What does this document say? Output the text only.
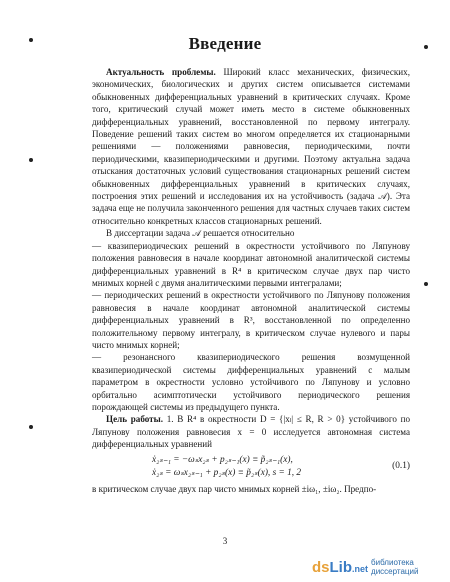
Введение

Актуальность проблемы. Широкий класс механических, физических, экономических, биологических и других систем описывается системами обыкновенных дифференциальных уравнений в критических случаях. Кроме того, критический случай может иметь место в системе обыкновенных дифференциальных уравнений, восстановленной по первому интегралу. Поведение решений таких систем во многом определяется их стационарными решениями — положениями равновесия, периодическими, почти периодическими, квазипериодическими и другими. Поэтому актуальна задача отыскания достаточных условий существования стационарных решений систем обыкновенных дифференциальных уравнений в критических случаях, построения этих решений и исследования их на устойчивость (задача 𝒜). Эта задача еще не получила законченного решения для частных случаев таких систем относительно конкретных классов стационарных решений.

В диссертации задача 𝒜 решается относительно

— квазипериодических решений в окрестности устойчивого по Ляпунову положения равновесия в начале координат автономной аналитической системы дифференциальных уравнений в R⁴ в критическом случае двух пар чисто мнимых корней с двумя аналитическими первыми интегралами;

— периодических решений в окрестности устойчивого по Ляпунову положения равновесия в начале координат автономной аналитической системы дифференциальных уравнений в R³, восстановленной по определенно положительному первому интегралу, в критическом случае нулевого и пары чисто мнимых корней;

— резонансного квазипериодического решения возмущенной квазипериодической системы дифференциальных уравнений с малым параметром в окрестности условно устойчивого по Ляпунову и условно орбитально асимптотически устойчивого периодического решения порождающей системы из предыдущего пункта.

Цель работы. 1. В R⁴ в окрестности D = {|xₗ| ≤ R, R > 0} устойчивого по Ляпунову положения равновесия x = 0 исследуется автономная система дифференциальных уравнений

ẋ₂ₛ₋₁ = −ωₛx₂ₛ + p₂ₛ₋₁(x) ≡ p̃₂ₛ₋₁(x),
ẋ₂ₛ = ωₛx₂ₛ₋₁ + p₂ₛ(x) ≡ p̃₂ₛ(x), s = 1, 2
(0.1)

в критическом случае двух пар чисто мнимых корней ±iω₁, ±iω₂. Предпо-

3
ds Lib .net
библиотека диссертаций
